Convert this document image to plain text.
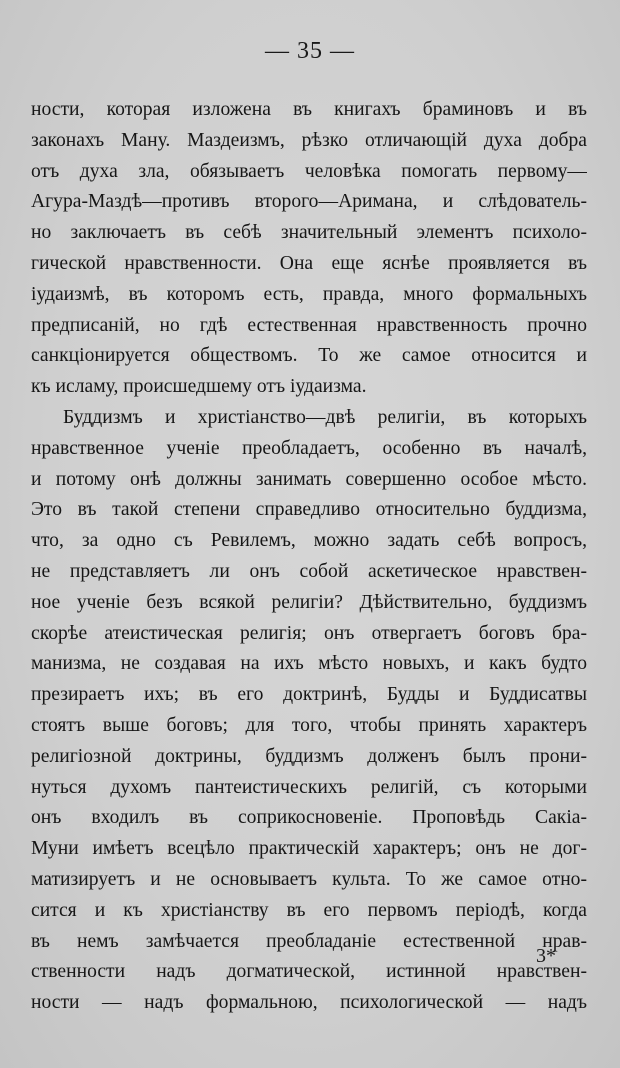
— 35 —

ности, которая изложена въ книгахъ браминовъ и въ
законахъ Ману. Маздеизмъ, рѣзко отличающій духа добра
отъ духа зла, обязываетъ человѣка помогать первому—
Агура-Маздѣ—противъ второго—Аримана, и слѣдователь-
но заключаетъ въ себѣ значительный элементъ психоло-
гической нравственности. Она еще яснѣе проявляется въ
іудаизмѣ, въ которомъ есть, правда, много формальныхъ
предписаній, но гдѣ естественная нравственность прочно
санкціонируется обществомъ. То же самое относится и
къ исламу, происшедшему отъ іудаизма.
Буддизмъ и христіанство—двѣ религіи, въ которыхъ
нравственное ученіе преобладаетъ, особенно въ началѣ,
и потому онѣ должны занимать совершенно особое мѣсто.
Это въ такой степени справедливо относительно буддизма,
что, за одно съ Ревилемъ, можно задать себѣ вопросъ,
не представляетъ ли онъ собой аскетическое нравствен-
ное ученіе безъ всякой религіи? Дѣйствительно, буддизмъ
скорѣе атеистическая религія; онъ отвергаетъ боговъ бра-
манизма, не создавая на ихъ мѣсто новыхъ, и какъ будто
презираетъ ихъ; въ его доктринѣ, Будды и Буддисатвы
стоятъ выше боговъ; для того, чтобы принять характеръ
религіозной доктрины, буддизмъ долженъ былъ прони-
нуться духомъ пантеистическихъ религій, съ которыми
онъ входилъ въ соприкосновеніе. Проповѣдь Сакіа-
Муни имѣетъ всецѣло практическій характеръ; онъ не дог-
матизируетъ и не основываетъ культа. То же самое отно-
сится и къ христіанству въ его первомъ періодѣ, когда
въ немъ замѣчается преобладаніе естественной нрав-
ственности надъ догматической, истинной нравствен-
ности — надъ формальною, психологической — надъ

3*
